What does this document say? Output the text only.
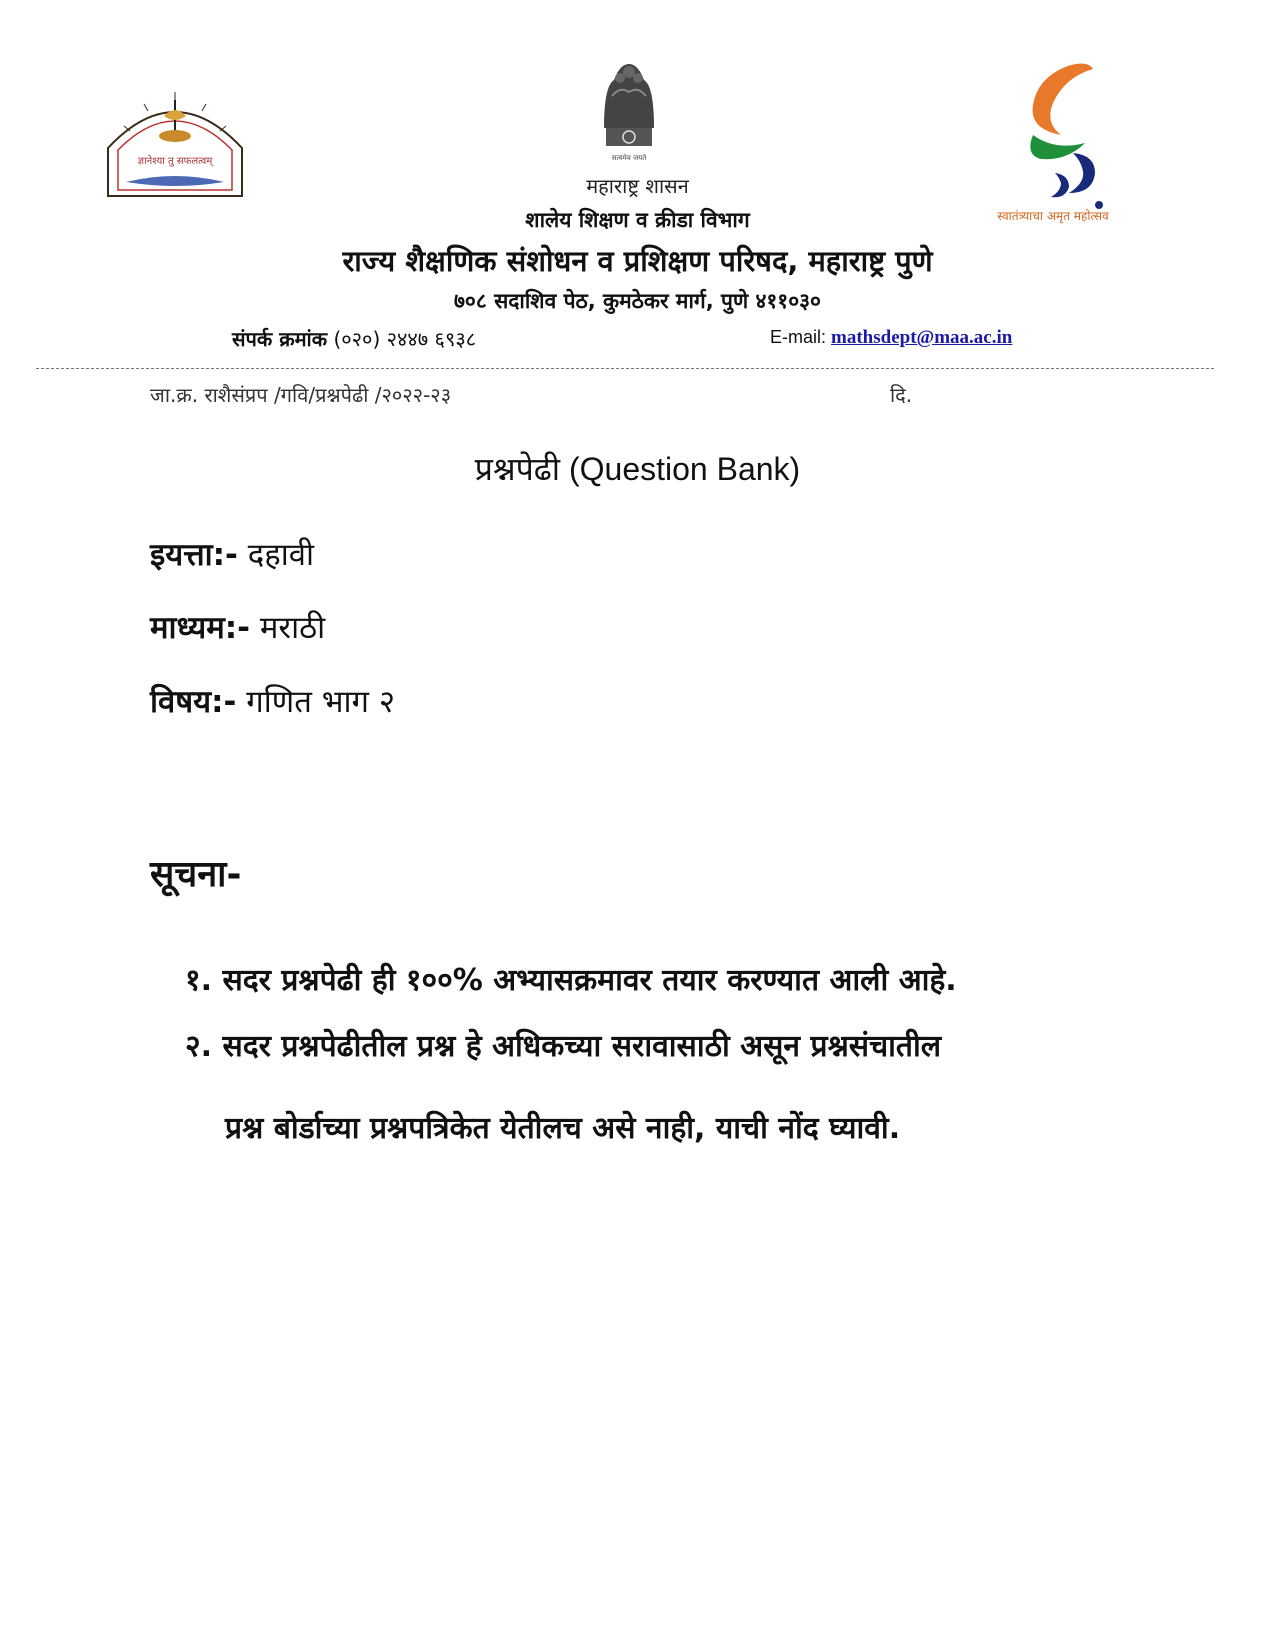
ज्ञानेश्या तु सफलत्वम्	सत्यमेव जयते
स्वातंत्र्याचा अमृत महोत्सव
महाराष्ट्र शासन
शालेय शिक्षण व क्रीडा विभाग
राज्य शैक्षणिक संशोधन व प्रशिक्षण परिषद, महाराष्ट्र पुणे
७०८ सदाशिव पेठ, कुमठेकर मार्ग, पुणे ४११०३०
संपर्क क्रमांक (०२०) २४४७ ६९३८	E-mail: mathsdept@maa.ac.in
जा.क्र. राशैसंप्रप /गवि/प्रश्नपेढी /२०२२-२३	दि.
प्रश्नपेढी (Question Bank)
इयत्ता:- दहावी
माध्यम:- मराठी
विषय:- गणित भाग २
सूचना-
१. सदर प्रश्नपेढी ही १००% अभ्यासक्रमावर तयार करण्यात आली आहे.
२. सदर प्रश्नपेढीतील प्रश्न हे अधिकच्या सरावासाठी असून प्रश्नसंचातील
प्रश्न बोर्डाच्या प्रश्नपत्रिकेत येतीलच असे नाही, याची नोंद घ्यावी.
